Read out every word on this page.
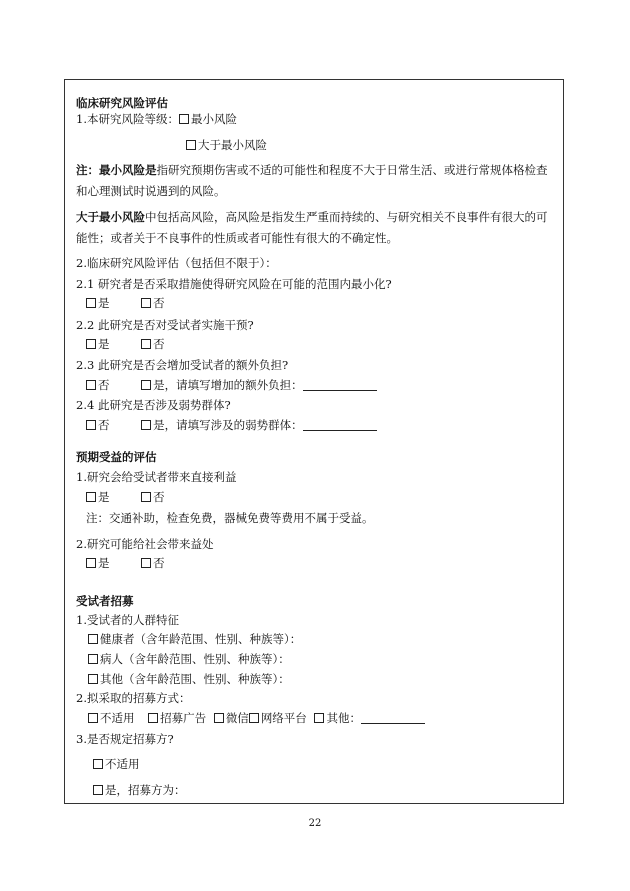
临床研究风险评估
1.本研究风险等级： 最小风险
大于最小风险
注：最小风险是指研究预期伤害或不适的可能性和程度不大于日常生活、或进行常规体格检查和心理测试时说遇到的风险。
大于最小风险中包括高风险，高风险是指发生严重而持续的、与研究相关不良事件有很大的可能性；或者关于不良事件的性质或者可能性有很大的不确定性。
2.临床研究风险评估（包括但不限于）：
2.1 研究者是否采取措施使得研究风险在可能的范围内最小化?
是	否
2.2 此研究是否对受试者实施干预?
是	否
2.3 此研究是否会增加受试者的额外负担?
否	是，请填写增加的额外负担：
2.4 此研究是否涉及弱势群体?
否	是，请填写涉及的弱势群体：
预期受益的评估
1.研究会给受试者带来直接利益
是	否
注：交通补助，检查免费，器械免费等费用不属于受益。
2.研究可能给社会带来益处
是	否
受试者招募
1.受试者的人群特征
健康者（含年龄范围、性别、种族等）：
病人（含年龄范围、性别、种族等）：
其他（含年龄范围、性别、种族等）：
2.拟采取的招募方式：
不适用 招募广告 微信 网络平台 其他：
3.是否规定招募方?
不适用
是，招募方为：
22
